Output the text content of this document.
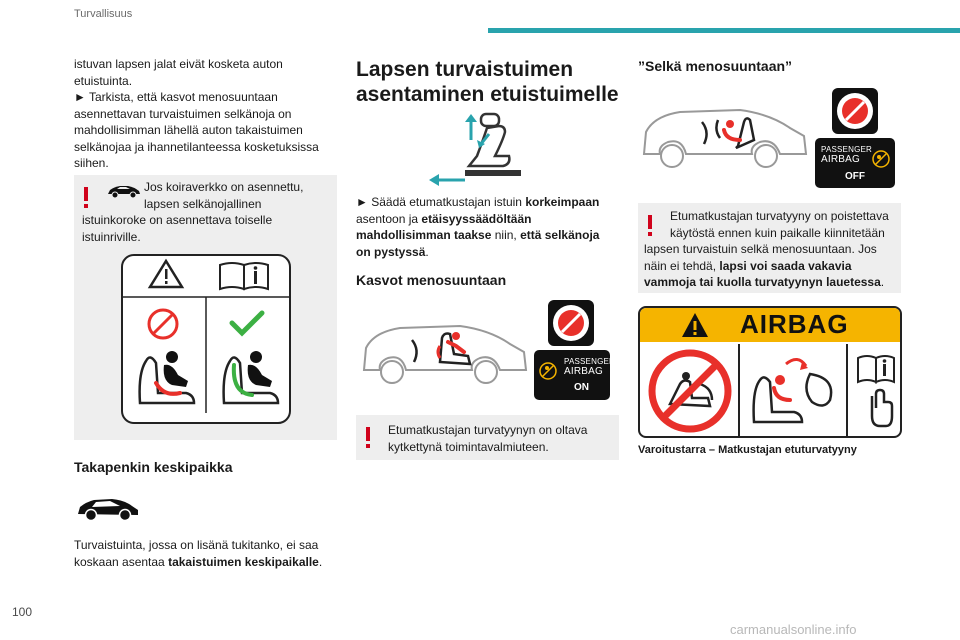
Turvallisuus
100
carmanualsonline.info
istuvan lapsen jalat eivät kosketa auton
etuistuinta.
► Tarkista, että kasvot menosuuntaan
asennettavan turvaistuimen selkänoja on
mahdollisimman lähellä auton takaistuimen
selkänojaa ja ihannetilanteessa kosketuksissa
siihen.
Jos koiraverkko on asennettu,
lapsen selkänojallinen
istuinkoroke on asennettava toiselle
istuinriville.
Takapenkin keskipaikka
Turvaistuinta, jossa on lisänä tukitanko, ei saa
koskaan asentaa takaistuimen keskipaikalle.
Lapsen turvaistuimen
asentaminen etuistuimelle
► Säädä etumatkustajan istuin korkeimpaan
asentoon ja etäisyyssäädöltään
mahdollisimman taakse niin, että selkänoja
on pystyssä.
Kasvot menosuuntaan
PASSENGER
AIRBAG
ON
Etumatkustajan turvatyynyn on oltava
kytkettynä toimintavalmiuteen.
”Selkä menosuuntaan”
PASSENGER
AIRBAG
OFF
Etumatkustajan turvatyyny on poistettava
käytöstä ennen kuin paikalle kiinnitetään
lapsen turvaistuin selkä menosuuntaan. Jos
näin ei tehdä, lapsi voi saada vakavia
vammoja tai kuolla turvatyynyn lauetessa.
AIRBAG
Varoitustarra – Matkustajan etuturvatyyny
